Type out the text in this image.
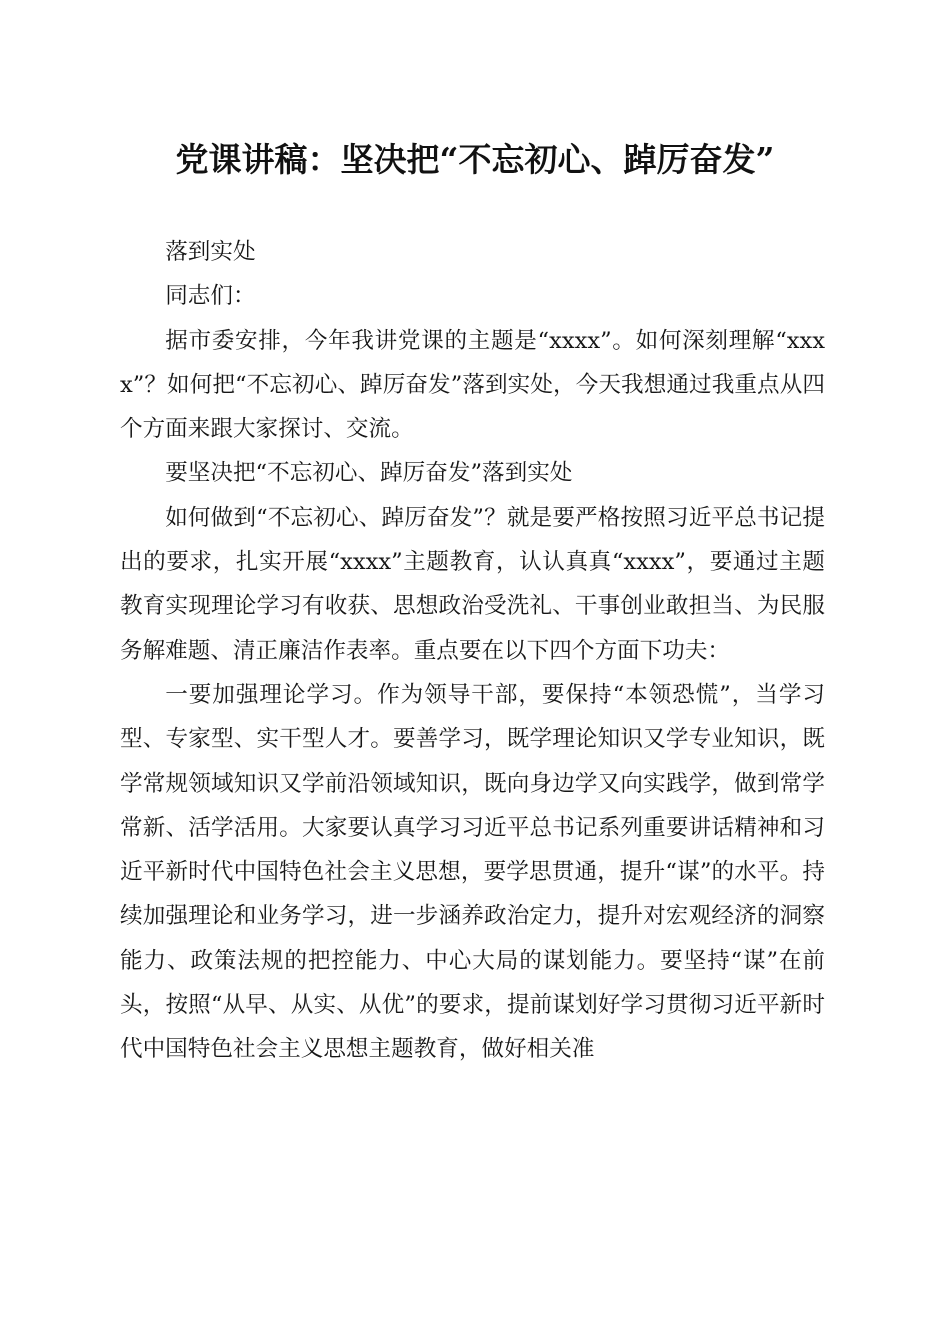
党课讲稿：坚决把“不忘初心、踔厉奋发”

落到实处

同志们：

据市委安排，今年我讲党课的主题是“xxxx”。如何深刻理解“xxxx”？如何把“不忘初心、踔厉奋发”落到实处，今天我想通过我重点从四个方面来跟大家探讨、交流。

要坚决把“不忘初心、踔厉奋发”落到实处

如何做到“不忘初心、踔厉奋发”？就是要严格按照习近平总书记提出的要求，扎实开展“xxxx”主题教育，认认真真“xxxx”，要通过主题教育实现理论学习有收获、思想政治受洗礼、干事创业敢担当、为民服务解难题、清正廉洁作表率。重点要在以下四个方面下功夫：

一要加强理论学习。作为领导干部，要保持“本领恐慌”，当学习型、专家型、实干型人才。要善学习，既学理论知识又学专业知识，既学常规领域知识又学前沿领域知识，既向身边学又向实践学，做到常学常新、活学活用。大家要认真学习习近平总书记系列重要讲话精神和习近平新时代中国特色社会主义思想，要学思贯通，提升“谋”的水平。持续加强理论和业务学习，进一步涵养政治定力，提升对宏观经济的洞察能力、政策法规的把控能力、中心大局的谋划能力。要坚持“谋”在前头，按照“从早、从实、从优”的要求，提前谋划好学习贯彻习近平新时代中国特色社会主义思想主题教育，做好相关准
